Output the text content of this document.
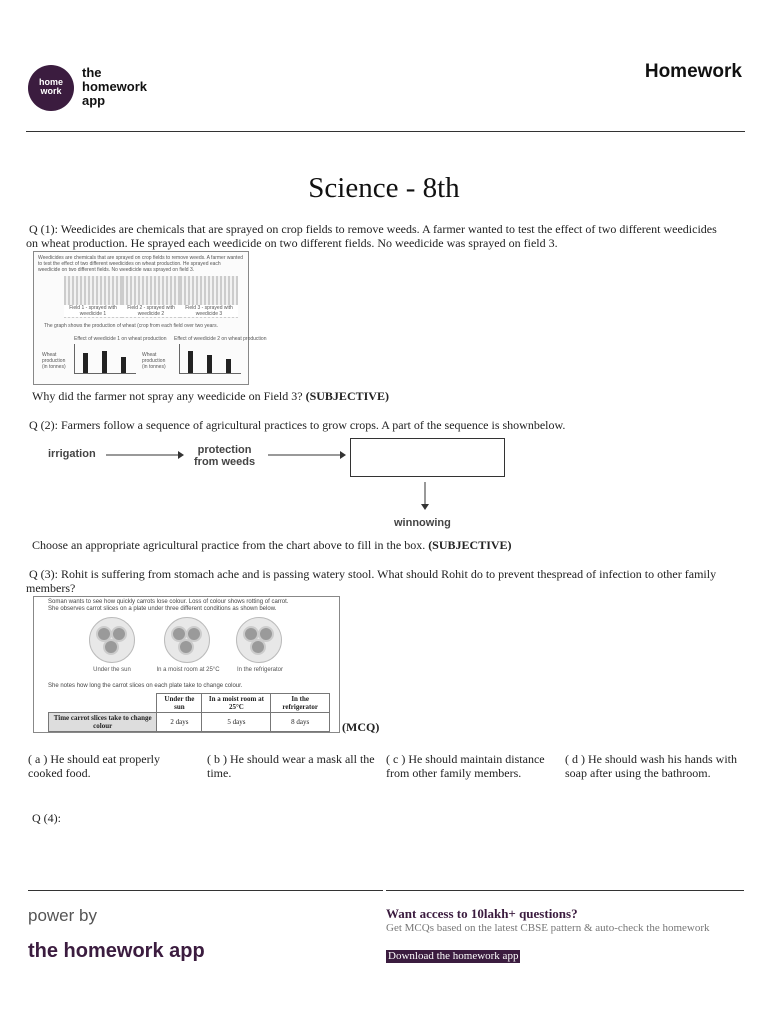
home
work
the
homework
app
Homework
Science - 8th
Q (1): Weedicides are chemicals that are sprayed on crop fields to remove weeds. A farmer wanted to test the effect of two different weedicides on wheat production. He sprayed each weedicide on two different fields. No weedicide was sprayed on field 3.
Weedicides are chemicals that are sprayed on crop fields to remove weeds. A farmer wanted to test the effect of two different weedicides on wheat production. He sprayed each weedicide on two different fields. No weedicide was sprayed on field 3.
Field 1 - sprayed with weedicide 1
Field 2 - sprayed with weedicide 2
Field 3 - sprayed with weedicide 3
The graph shows the production of wheat (crop from each field over two years.
Effect of weedicide 1 on wheat production Effect of weedicide 2 on wheat production
Wheat production (in tonnes)
Wheat production (in tonnes)
Why did the farmer not spray any weedicide on Field 3? (SUBJECTIVE)
Q (2): Farmers follow a sequence of agricultural practices to grow crops. A part of the sequence is shownbelow.
irrigation	protection
from weeds
winnowing
Choose an appropriate agricultural practice from the chart above to fill in the box. (SUBJECTIVE)
Q (3): Rohit is suffering from stomach ache and is passing watery stool. What should Rohit do to prevent thespread of infection to other family members?
Soman wants to see how quickly carrots lose colour. Loss of colour shows rotting of carrot.
She observes carrot slices on a plate under three different conditions as shown below.
Under the sun	In a moist room at 25°C	In the refrigerator
She notes how long the carrot slices on each plate take to change colour.
	Under the sun	In a moist room at 25°C	In the refrigerator
Time carrot slices take to change colour	2 days	5 days	8 days	(MCQ)
( a ) He should eat properly cooked food.
( b ) He should wear a mask all the time.
( c ) He should maintain distance from other family members.
( d ) He should wash his hands with soap after using the bathroom.
Q (4):
power by
the homework app
Want access to 10lakh+ questions?
Get MCQs based on the latest CBSE pattern & auto-check the homework
Download the homework app
